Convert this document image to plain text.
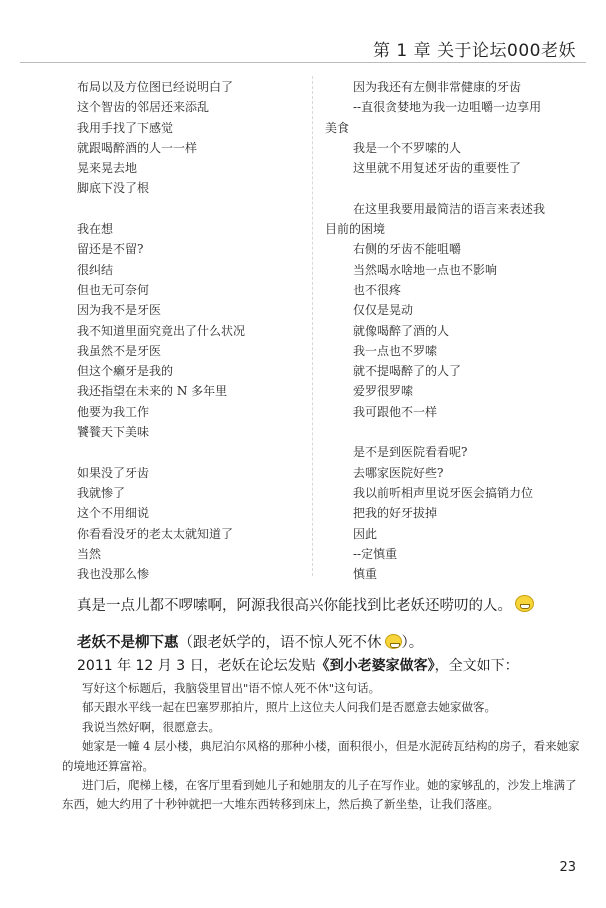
第 1 章 关于论坛000老妖
布局以及方位图已经说明白了
这个智齿的邻居还来添乱
我用手找了下感觉
就跟喝醉酒的人一一样
晃来晃去地
脚底下没了根
我在想
留还是不留?
很纠结
但也无可奈何
因为我不是牙医
我不知道里面究竟出了什么状况
我虽然不是牙医
但这个癞牙是我的
我还指望在未来的 N 多年里
他要为我工作
饕餮天下美味
如果没了牙齿
我就惨了
这个不用细说
你看看没牙的老太太就知道了
当然
我也没那么惨
因为我还有左侧非常健康的牙齿
--直很贪婪地为我一边咀嚼一边享用
美食
我是一个不罗嗦的人
这里就不用复述牙齿的重要性了
在这里我要用最简洁的语言来表述我
目前的困境
右侧的牙齿不能咀嚼
当然喝水啥地一点也不影响
也不很疼
仅仅是晃动
就像喝醉了酒的人
我一点也不罗嗦
就不提喝醉了的人了
爱罗很罗嗦
我可跟他不一样
是不是到医院看看呢?
去哪家医院好些?
我以前听相声里说牙医会搞销力位
把我的好牙拔掉
因此
--定慎重
慎重
真是一点儿都不啰嗦啊，阿源我很高兴你能找到比老妖还唠叨的人。
老妖不是柳下惠（跟老妖学的，语不惊人死不休 ）。
2011 年 12 月 3 日，老妖在论坛发贴《到小老婆家做客》，全文如下：

写好这个标题后，我脑袋里冒出"语不惊人死不休"这句话。

郁天跟水平线一起在巴塞罗那拍片，照片上这位夫人问我们是否愿意去她家做客。

我说当然好啊，很愿意去。

她家是一幢 4 层小楼，典尼泊尔风格的那种小楼，面积很小，但是水泥砖瓦结构的房子，看来她家的境地还算富裕。

进门后，爬梯上楼，在客厅里看到她儿子和她朋友的儿子在写作业。她的家够乱的，沙发上堆满了东西，她大约用了十秒钟就把一大堆东西转移到床上，然后换了新坐垫，让我们落座。

23
